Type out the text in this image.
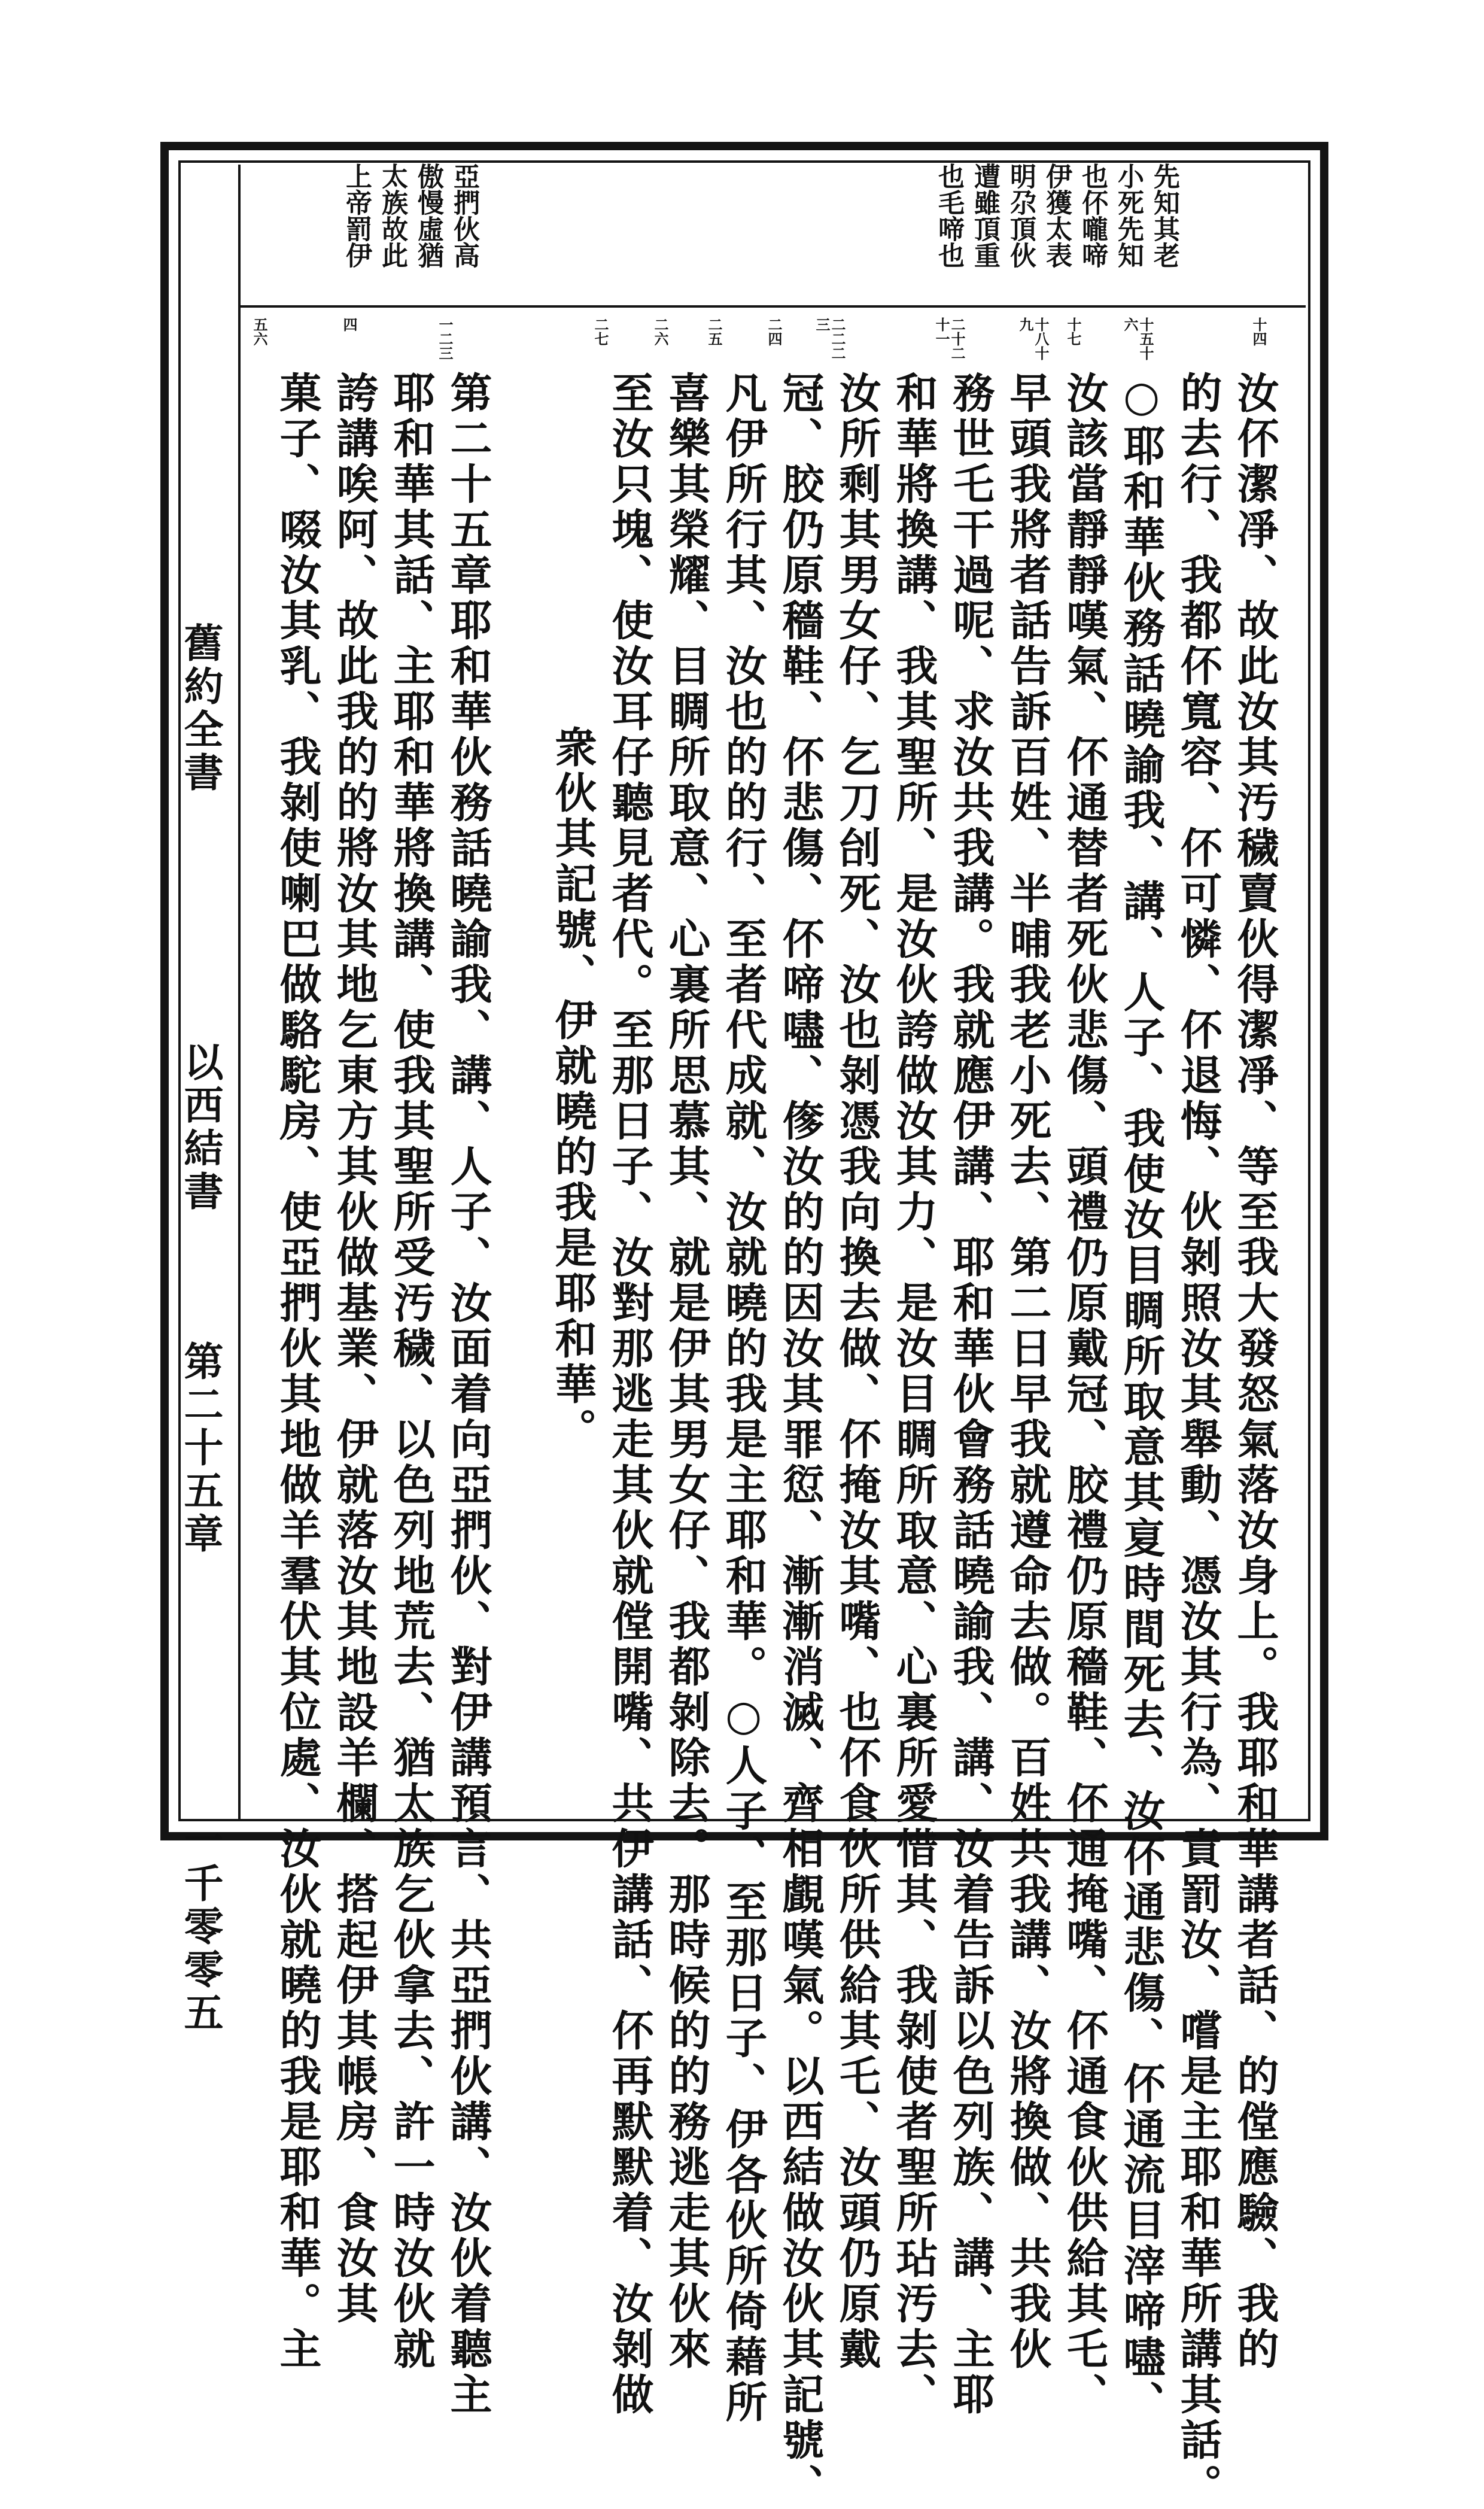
舊約全書
以西結書
第二十五章
一千零零五
先知其老
小死先知
也伓嚨啼
伊獲太表
明尕頂伙
遭雖頂重
也毛啼也
亞捫伙高
傲慢虛猶
太族故此
上帝罰伊
十四
十五十六
十七
十八十九
二十二十一
二二二三
二四
二五
二六
二七
一二三
四
五六
汝伓潔凈、故此汝其汚穢賣伙得潔凈、等至我大發怒氣落汝身上。我耶和華講者話、的㑽應驗、我的
的去行、我都伓寬容、伓可憐、伓退悔、伙剝照汝其舉動、憑汝其行為、責罰汝、嚐是主耶和華所講其話。
○耶和華伙務話曉諭我、講、人子、我使汝目睭所取意其㚆時間死去、汝伓通悲傷、伓通流目滓啼嚍、
汝該當靜靜嘆氣、伓通替者死伙悲傷、頭禮仍原戴冠、胶禮仍原穡鞋、伓通掩嘴、伓通食伙供給其乇、
早頭我將者話告訴百姓、半晡我老小死去、第二日早我就遵命去做。百姓共我講、汝將換做、共我伙
務世乇干過呢、求汝共我講。我就應伊講、耶和華伙會務話曉諭我、講、汝着告訴以色列族、講、主耶
和華將換講、我其聖所、是汝伙誇做汝其力、是汝目睭所取意、心裏所愛惜其、我剝使者聖所玷汚去、
汝所剩其男女仔、乞刀刣死、汝也剝憑我向換去做、伓掩汝其嘴、也伓食伙所供給其乇、汝頭仍原戴
冠、胶仍原穡鞋、伓悲傷、伓啼嚍、偧汝的的因汝其罪愆、漸漸消滅、齊相覰嘆氣。以西結做汝伙其記號、
凡伊所行其、汝也的的行、至者代成就、汝就曉的我是主耶和華。○人子、至那日子、伊各伙所倚藉所
喜樂其榮耀、目睭所取意、心裏所思慕其、就是伊其男女仔、我都剝除去。那時候的的務逃走其伙來
至汝只塊、使汝耳仔聽見者代。至那日子、汝對那逃走其伙就㑽開嘴、共伊講話、伓再默默着、汝剝做
衆伙其記號、伊就曉的我是耶和華。
第二十五章耶和華伙務話曉諭我、講、人子、汝面着向亞捫伙、對伊講預言、共亞捫伙講、汝伙着聽主
耶和華其話、主耶和華將換講、使我其聖所受汚穢、以色列地荒去、猶太族乞伙拿去、許一時汝伙就
誇講唉阿、故此我的的將汝其地乞東方其伙做基業、伊就落汝其地設羊欄、搭起伊其帳房、食汝其
菓子、啜汝其乳、我剝使喇巴做駱駝房、使亞捫伙其地做羊羣伏其位處、汝伙就曉的我是耶和華。主
